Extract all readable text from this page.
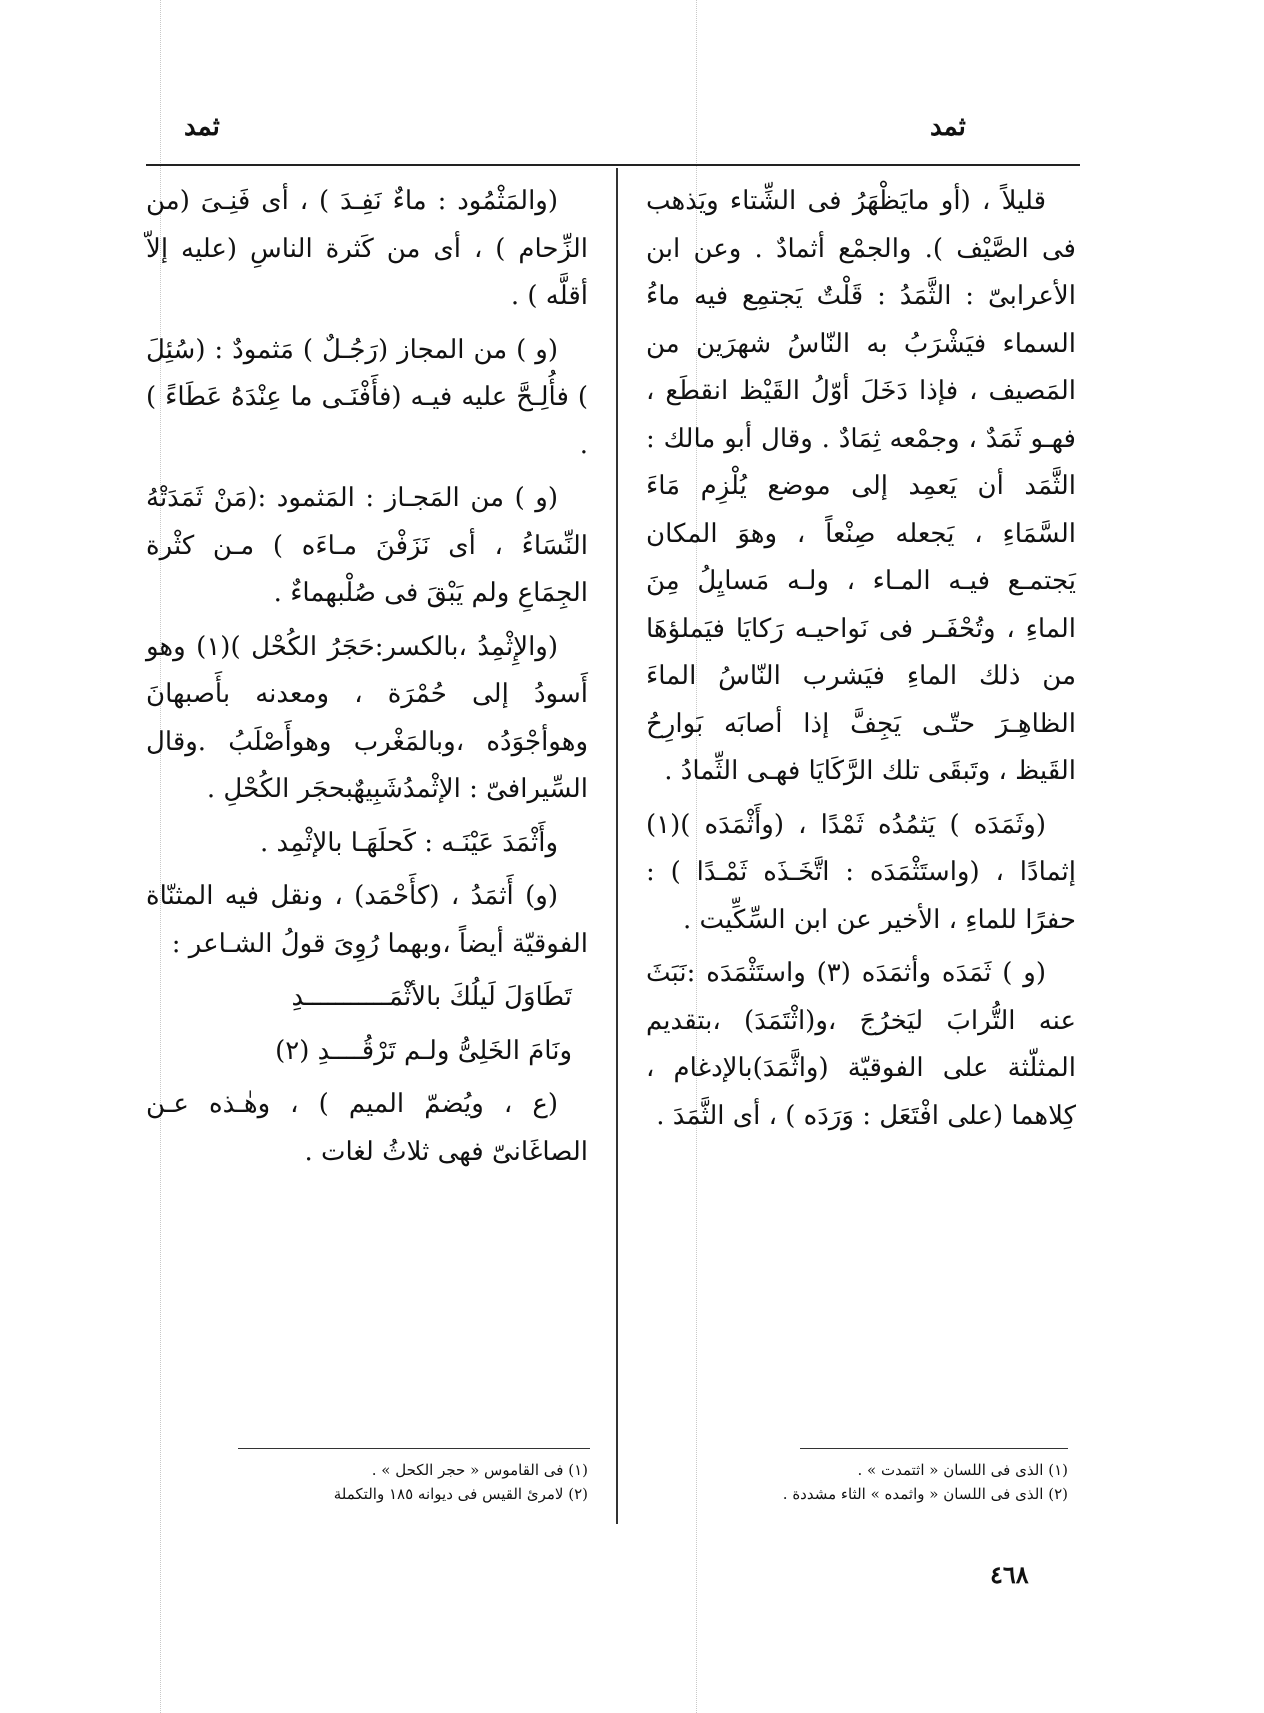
ثمد
ثمد

قليلاً ، (أو مايَظْهَرُ فى الشِّتاء ويَذهب فى الصَّيْف ). والجمْع أثمادٌ . وعن ابن الأعرابىّ : الثَّمَدُ : قَلْتٌ يَجتمِع فيه ماءُ السماء فيَشْرَبُ به النّاسُ شهرَين من المَصيف ، فإذا دَخَلَ أوّلُ القَيْظ انقطَع ، فهـو ثَمَدٌ ، وجمْعه ثِمَادٌ . وقال أبو مالك : الثَّمَد أن يَعمِد إلى موضع يُلْزِم مَاءَ السَّمَاءِ ، يَجعله صِنْعاً ، وهوَ المكان يَجتمـع فيـه المـاء ، ولـه مَسايِلُ مِنَ الماءِ ، وتُحْفَـر فى نَواحيـه رَكايَا فيَملؤهَا من ذلك الماءِ فيَشرب النّاسُ الماءَ الظاهِـرَ حتّـى يَجِفَّ إذا أصابَه بَوارِحُ القَيظ ، وتَبقَى تلك الرَّكَايَا فهـى الثِّمادُ .

(وثَمَدَه ) يَثمُدُه ثَمْدًا ، (وأَثْمَدَه )(١) إثمادًا ، (واستَثْمَدَه : اتَّخَـذَه ثَمْـدًا ) : حفرًا للماءِ ، الأخير عن ابن السِّكِّيت .

(و ) ثَمَدَه وأثمَدَه (٣) واستَثْمَدَه :نَبَثَ عنه التُّرابَ ليَخرُجَ ،و(اثْتَمَدَ) ،بتقديم المثلّثة على الفوقيّة (واثَّمَدَ)بالإدغام ، كِلاهما (على افْتَعَل : وَرَدَه ) ، أى الثَّمَدَ .

(والمَثْمُود : ماءٌ نَفِـدَ ) ، أى فَنِـىَ (من الزِّحام ) ، أى من كَثرة الناسِ (عليه إلاّ أقلَّه ) .

(و ) من المجاز (رَجُـلٌ ) مَثمودٌ : (سُئِلَ ) فأُلِـحَّ عليه فيـه (فأَفْنَـى ما عِنْدَهُ عَطَاءً ) .

(و ) من المَجـاز : المَثمود :(مَنْ ثَمَدَتْهُ النِّسَاءُ ، أى نَزَفْنَ مـاءَه ) مـن كثْرة الجِمَاعِ ولم يَبْقَ فى صُلْبهماءٌ .

(والإِثْمِدُ ،بالكسر:حَجَرُ الكُحْل )(١) وهو أَسودُ إلى حُمْرَة ، ومعدنه بأَصبهانَ وهوأجْوَدُه ،وبالمَغْرب وهوأَصْلَبُ .وقال السِّيرافىّ : الإثْمدُشَبِيهٌبحجَر الكُحْلِ .

وأَثْمَدَ عَيْنَـه : كَحلَهَـا بالإثْمِد .

(و) أَثمَدُ ، (كأَحْمَد) ، ونقل فيه المثنّاة الفوقيّة أيضاً ،وبهما رُوِىَ قولُ الشـاعر :

تَطَاوَلَ لَيلُكَ بالأثْمَـــــــــــدِ

ونَامَ الخَلِىُّ ولـم تَرْقُــــدِ (٢)

(ع ، ويُضمّ الميم ) ، وهٰـذه عـن الصاغَانىّ فهى ثلاثُ لغات .

(١) الذى فى اللسان « اثتمدت » .
(٢) الذى فى اللسان « واثمده » الثاء مشددة .
(١) فى القاموس « حجر الكحل » .
(٢) لامرئ القيس فى ديوانه ١٨٥ والتكملة
٤٦٨
